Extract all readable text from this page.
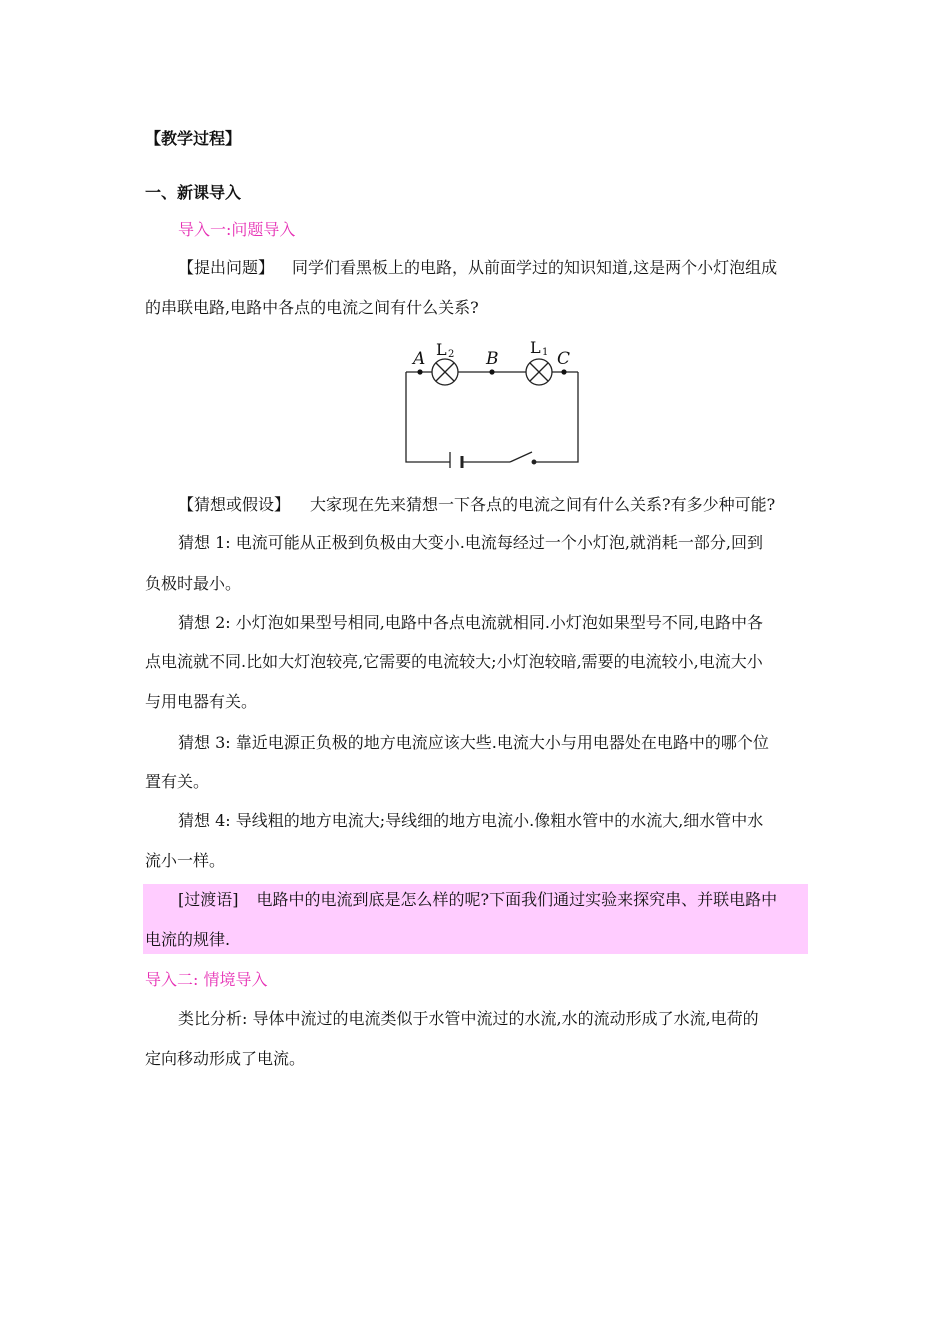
【教学过程】
一、新课导入
导入一:问题导入
【提出问题】 同学们看黑板上的电路，从前面学过的知识知道,这是两个小灯泡组成
的串联电路,电路中各点的电流之间有什么关系?
A	B	C
L 2	L 1
【猜想或假设】 大家现在先来猜想一下各点的电流之间有什么关系?有多少种可能?
猜想 1: 电流可能从正极到负极由大变小.电流每经过一个小灯泡,就消耗一部分,回到
负极时最小。
猜想 2: 小灯泡如果型号相同,电路中各点电流就相同.小灯泡如果型号不同,电路中各
点电流就不同.比如大灯泡较亮,它需要的电流较大;小灯泡较暗,需要的电流较小,电流大小
与用电器有关。
猜想 3: 靠近电源正负极的地方电流应该大些.电流大小与用电器处在电路中的哪个位
置有关。
猜想 4: 导线粗的地方电流大;导线细的地方电流小.像粗水管中的水流大,细水管中水
流小一样。
[过渡语] 电路中的电流到底是怎么样的呢?下面我们通过实验来探究串、并联电路中
电流的规律.
导入二: 情境导入
类比分析: 导体中流过的电流类似于水管中流过的水流,水的流动形成了水流,电荷的
定向移动形成了电流。
